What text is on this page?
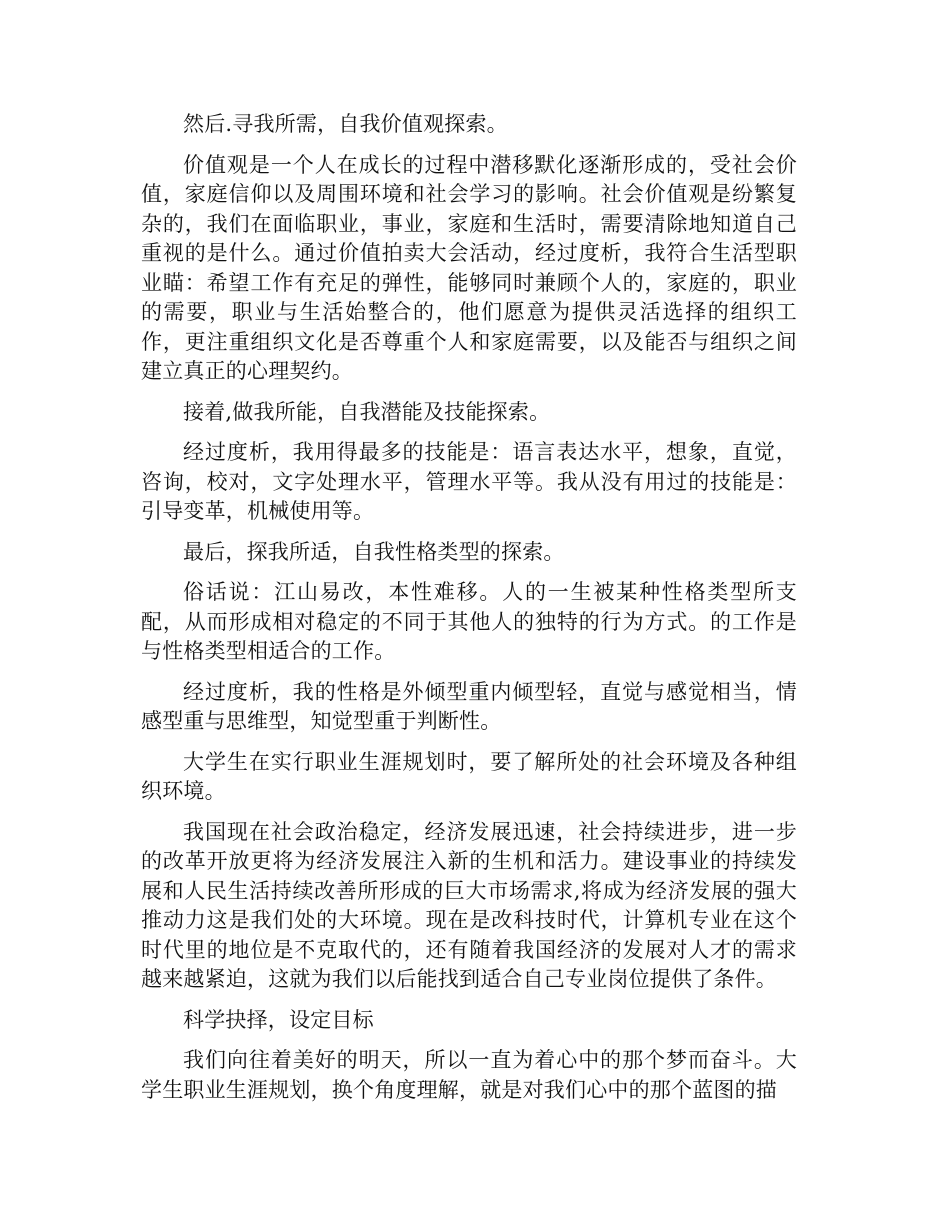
然后.寻我所需，自我价值观探索。

价值观是一个人在成长的过程中潜移默化逐渐形成的，受社会价值，家庭信仰以及周围环境和社会学习的影响。社会价值观是纷繁复杂的，我们在面临职业，事业，家庭和生活时，需要清除地知道自己重视的是什么。通过价值拍卖大会活动，经过度析，我符合生活型职业瞄：希望工作有充足的弹性，能够同时兼顾个人的，家庭的，职业的需要，职业与生活始整合的，他们愿意为提供灵活选择的组织工作，更注重组织文化是否尊重个人和家庭需要，以及能否与组织之间建立真正的心理契约。

接着,做我所能，自我潜能及技能探索。

经过度析，我用得最多的技能是：语言表达水平，想象，直觉，咨询，校对，文字处理水平，管理水平等。我从没有用过的技能是：引导变革，机械使用等。

最后，探我所适，自我性格类型的探索。

俗话说：江山易改，本性难移。人的一生被某种性格类型所支配，从而形成相对稳定的不同于其他人的独特的行为方式。的工作是与性格类型相适合的工作。

经过度析，我的性格是外倾型重内倾型轻，直觉与感觉相当，情感型重与思维型，知觉型重于判断性。

大学生在实行职业生涯规划时，要了解所处的社会环境及各种组织环境。

我国现在社会政治稳定，经济发展迅速，社会持续进步，进一步的改革开放更将为经济发展注入新的生机和活力。建设事业的持续发展和人民生活持续改善所形成的巨大市场需求,将成为经济发展的强大推动力这是我们处的大环境。现在是改科技时代，计算机专业在这个时代里的地位是不克取代的，还有随着我国经济的发展对人才的需求越来越紧迫，这就为我们以后能找到适合自己专业岗位提供了条件。

科学抉择，设定目标

我们向往着美好的明天，所以一直为着心中的那个梦而奋斗。大学生职业生涯规划，换个角度理解，就是对我们心中的那个蓝图的描
